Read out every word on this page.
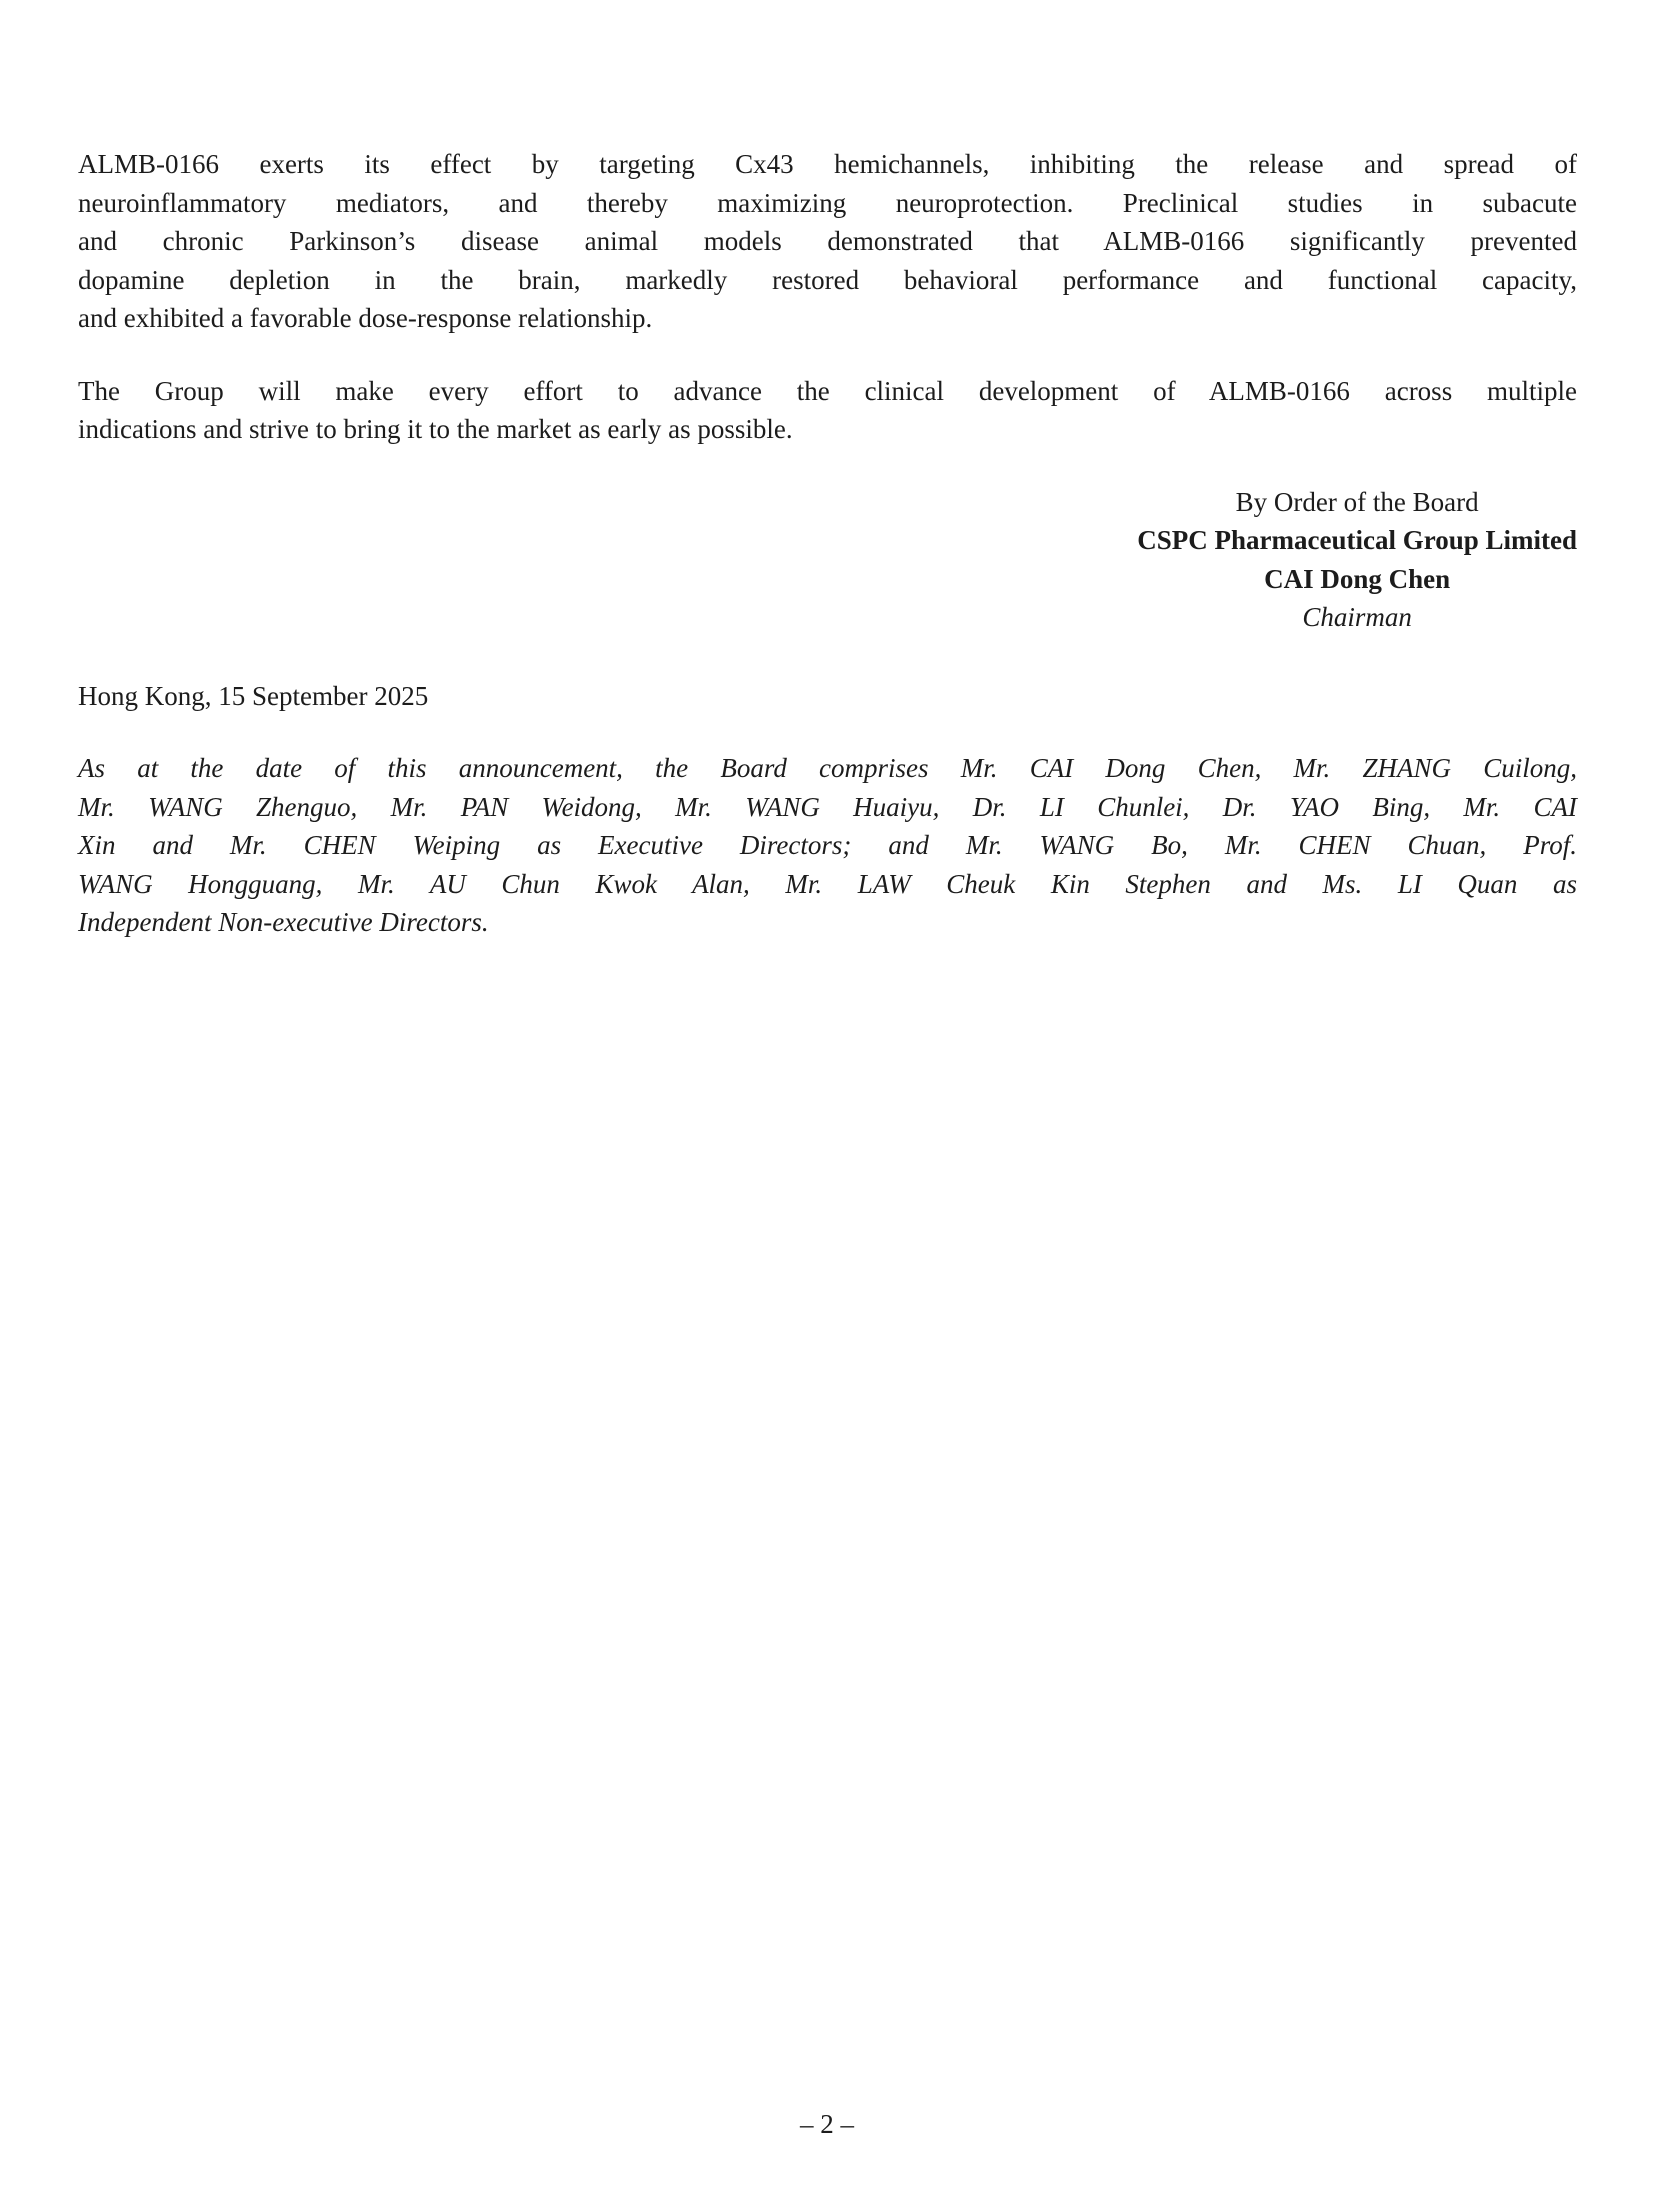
ALMB-0166 exerts its effect by targeting Cx43 hemichannels, inhibiting the release and spread of
neuroinflammatory mediators, and thereby maximizing neuroprotection. Preclinical studies in subacute
and chronic Parkinson’s disease animal models demonstrated that ALMB-0166 significantly prevented
dopamine depletion in the brain, markedly restored behavioral performance and functional capacity,
and exhibited a favorable dose-response relationship.
The Group will make every effort to advance the clinical development of ALMB-0166 across multiple
indications and strive to bring it to the market as early as possible.
By Order of the Board
CSPC Pharmaceutical Group Limited
CAI Dong Chen
Chairman
Hong Kong, 15 September 2025
As at the date of this announcement, the Board comprises Mr. CAI Dong Chen, Mr. ZHANG Cuilong,
Mr. WANG Zhenguo, Mr. PAN Weidong, Mr. WANG Huaiyu, Dr. LI Chunlei, Dr. YAO Bing, Mr. CAI
Xin and Mr. CHEN Weiping as Executive Directors; and Mr. WANG Bo, Mr. CHEN Chuan, Prof.
WANG Hongguang, Mr. AU Chun Kwok Alan, Mr. LAW Cheuk Kin Stephen and Ms. LI Quan as
Independent Non-executive Directors.
– 2 –
